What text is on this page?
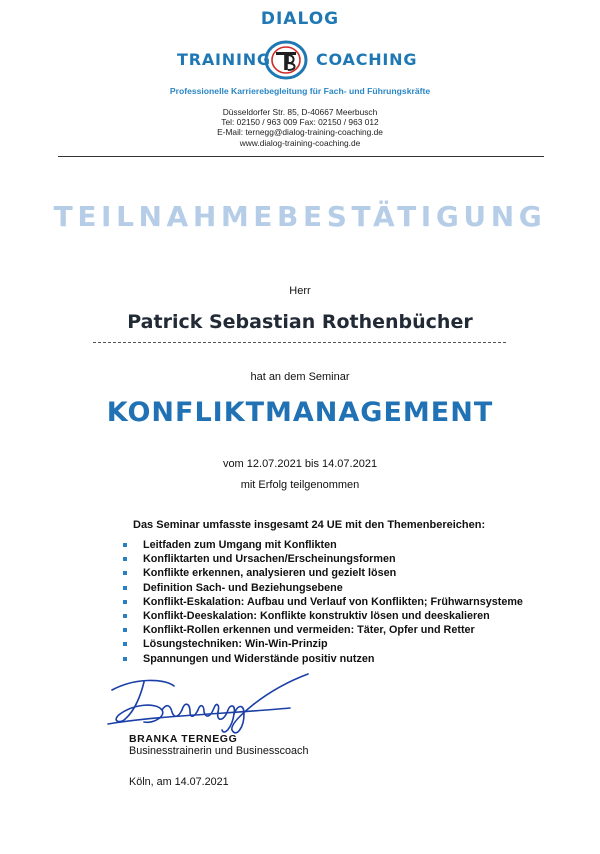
DIALOG
TRAINING	COACHING
Professionelle Karrierebegleitung für Fach- und Führungskräfte
Düsseldorfer Str. 85, D-40667 Meerbusch
Tel: 02150 / 963 009 Fax: 02150 / 963 012
E-Mail: ternegg@dialog-training-coaching.de
www.dialog-training-coaching.de
TEILNAHMEBESTÄTIGUNG
Herr
Patrick Sebastian Rothenbücher
hat an dem Seminar
KONFLIKTMANAGEMENT
vom 12.07.2021 bis 14.07.2021
mit Erfolg teilgenommen
Das Seminar umfasste insgesamt 24 UE mit den Themenbereichen:
Leitfaden zum Umgang mit Konflikten
Konfliktarten und Ursachen/Erscheinungsformen
Konflikte erkennen, analysieren und gezielt lösen
Definition Sach- und Beziehungsebene
Konflikt-Eskalation: Aufbau und Verlauf von Konflikten; Frühwarnsysteme
Konflikt-Deeskalation: Konflikte konstruktiv lösen und deeskalieren
Konflikt-Rollen erkennen und vermeiden: Täter, Opfer und Retter
Lösungstechniken: Win-Win-Prinzip
Spannungen und Widerstände positiv nutzen
BRANKA TERNEGG
Businesstrainerin und Businesscoach
Köln, am 14.07.2021
